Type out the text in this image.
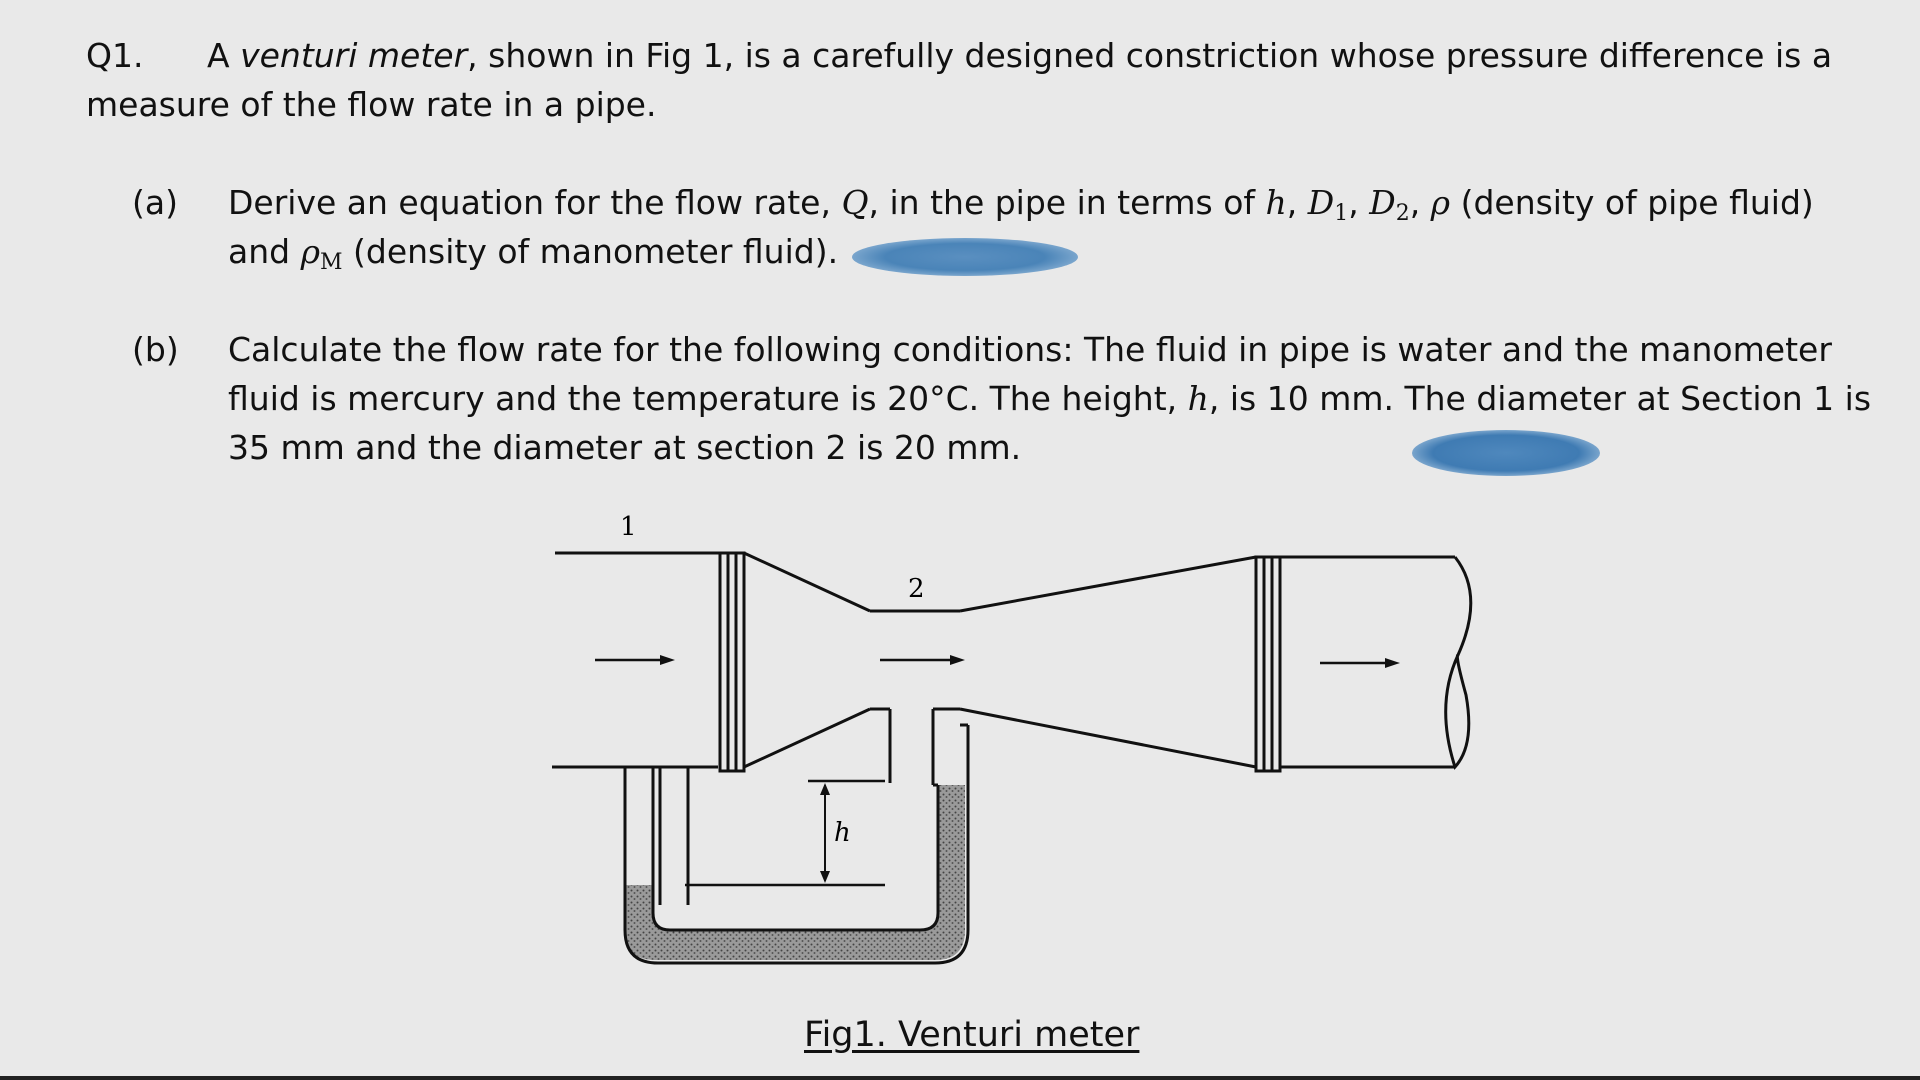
Q1. A venturi meter, shown in Fig 1, is a carefully designed constriction whose pressure difference is a
measure of the flow rate in a pipe.
(a) Derive an equation for the flow rate, Q, in the pipe in terms of h, $D_1$, $D_2$, ρ (density of pipe fluid)
and $\rho_M$ (density of manometer fluid).
(b) Calculate the flow rate for the following conditions: The fluid in pipe is water and the manometer
fluid is mercury and the temperature is 20°C. The height, h, is 10 mm. The diameter at Section 1 is
35 mm and the diameter at section 2 is 20 mm.
1
2
h
Fig1. Venturi meter
